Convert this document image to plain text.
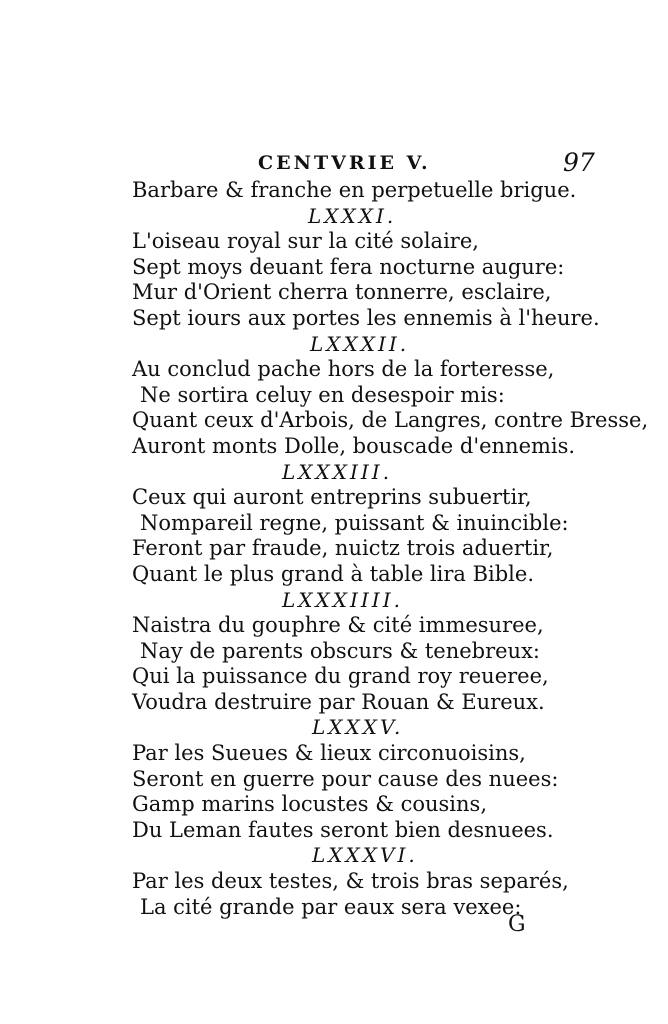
CENTVRIE V.	97
Barbare & franche en perpetuelle brigue.
LXXXI.
L'oiseau royal sur la cité solaire,
Sept moys deuant fera nocturne augure:
Mur d'Orient cherra tonnerre, esclaire,
Sept iours aux portes les ennemis à l'heure.
LXXXII.
Au conclud pache hors de la forteresse,
Ne sortira celuy en desespoir mis:
Quant ceux d'Arbois, de Langres, contre Bresse,
Auront monts Dolle, bouscade d'ennemis.
LXXXIII.
Ceux qui auront entreprins subuertir,
Nompareil regne, puissant & inuincible:
Feront par fraude, nuictz trois aduertir,
Quant le plus grand à table lira Bible.
LXXXIIII.
Naistra du gouphre & cité immesuree,
Nay de parents obscurs & tenebreux:
Qui la puissance du grand roy reueree,
Voudra destruire par Rouan & Eureux.
LXXXV.
Par les Sueues & lieux circonuoisins,
Seront en guerre pour cause des nuees:
Gamp marins locustes & cousins,
Du Leman fautes seront bien desnuees.
LXXXVI.
Par les deux testes, & trois bras separés,
La cité grande par eaux sera vexee:
G
